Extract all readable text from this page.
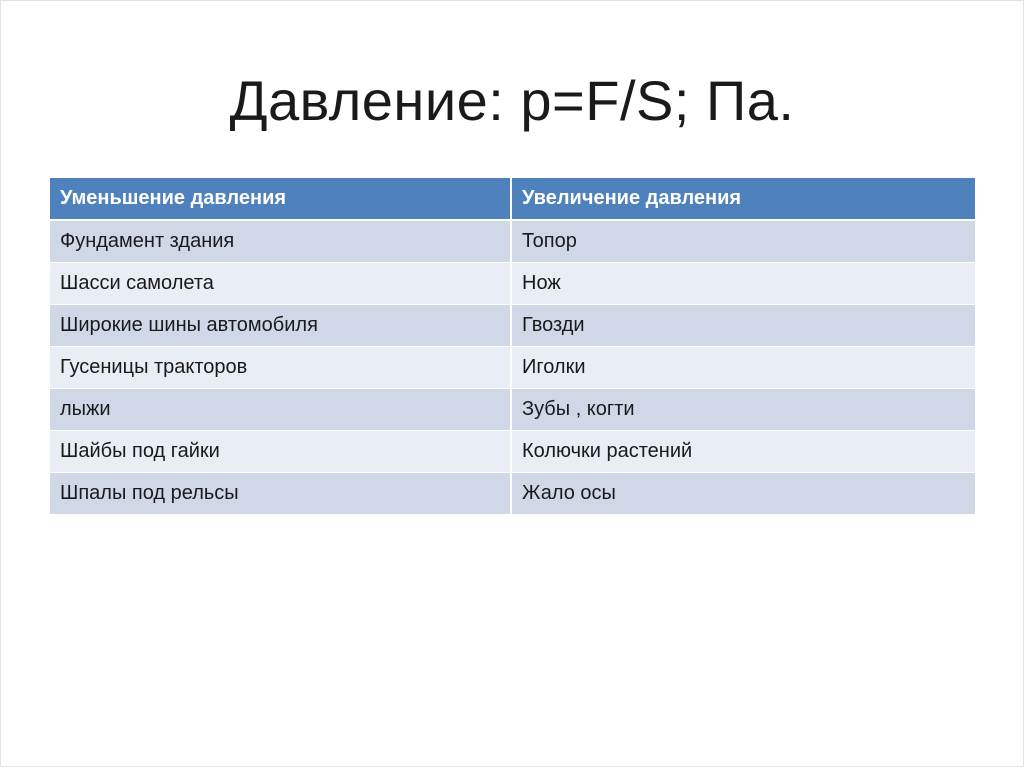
Давление: p=F/S; Па.
Уменьшение давления	Увеличение давления
Фундамент здания	Топор
Шасси самолета	Нож
Широкие шины автомобиля	Гвозди
Гусеницы тракторов	Иголки
лыжи	Зубы , когти
Шайбы под гайки	Колючки растений
Шпалы под рельсы	Жало осы
